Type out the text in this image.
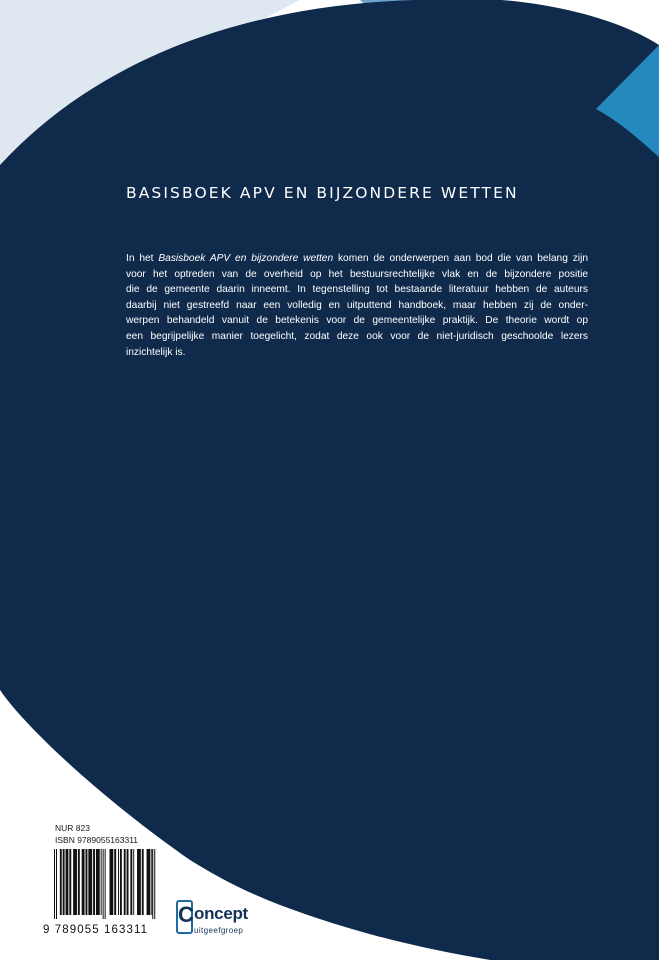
BASISBOEK APV EN BIJZONDERE WETTEN
In het Basisboek APV en bijzondere wetten komen de onderwerpen aan bod die van belang zijn
voor het optreden van de overheid op het bestuursrechtelijke vlak en de bijzondere positie
die de gemeente daarin inneemt. In tegenstelling tot bestaande literatuur hebben de auteurs
daarbij niet gestreefd naar een volledig en uitputtend handboek, maar hebben zij de onder-
werpen behandeld vanuit de betekenis voor de gemeentelijke praktijk. De theorie wordt op
een begrijpelijke manier toegelicht, zodat deze ook voor de niet-juridisch geschoolde lezers
inzichtelijk is.
NUR 823
ISBN 9789055163311
9 789055 163311
C oncept
uitgeefgroep
